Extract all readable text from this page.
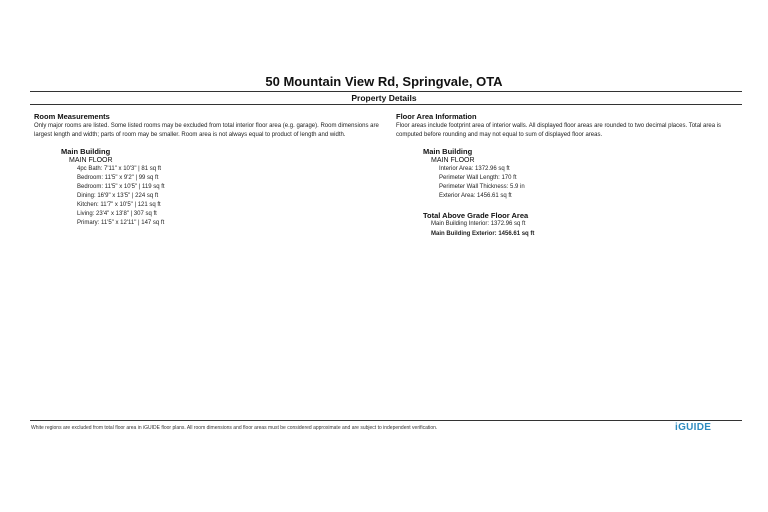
50 Mountain View Rd, Springvale, OTA
Property Details
Room Measurements
Only major rooms are listed. Some listed rooms may be excluded from total interior floor area (e.g. garage). Room dimensions are largest length and width; parts of room may be smaller. Room area is not always equal to product of length and width.
Main Building
MAIN FLOOR
4pc Bath: 7'11" x 10'3" | 81 sq ft
Bedroom: 11'5" x 9'2" | 99 sq ft
Bedroom: 11'5" x 10'5" | 119 sq ft
Dining: 16'9" x 13'5" | 224 sq ft
Kitchen: 11'7" x 10'5" | 121 sq ft
Living: 23'4" x 13'8" | 307 sq ft
Primary: 11'5" x 12'11" | 147 sq ft
Floor Area Information
Floor areas include footprint area of interior walls. All displayed floor areas are rounded to two decimal places. Total area is computed before rounding and may not equal to sum of displayed floor areas.
Main Building
MAIN FLOOR
Interior Area: 1372.96 sq ft
Perimeter Wall Length: 170 ft
Perimeter Wall Thickness: 5.9 in
Exterior Area: 1456.61 sq ft
Total Above Grade Floor Area
Main Building Interior: 1372.96 sq ft
Main Building Exterior: 1456.61 sq ft
White regions are excluded from total floor area in iGUIDE floor plans. All room dimensions and floor areas must be considered approximate and are subject to independent verification.	iGUIDE
